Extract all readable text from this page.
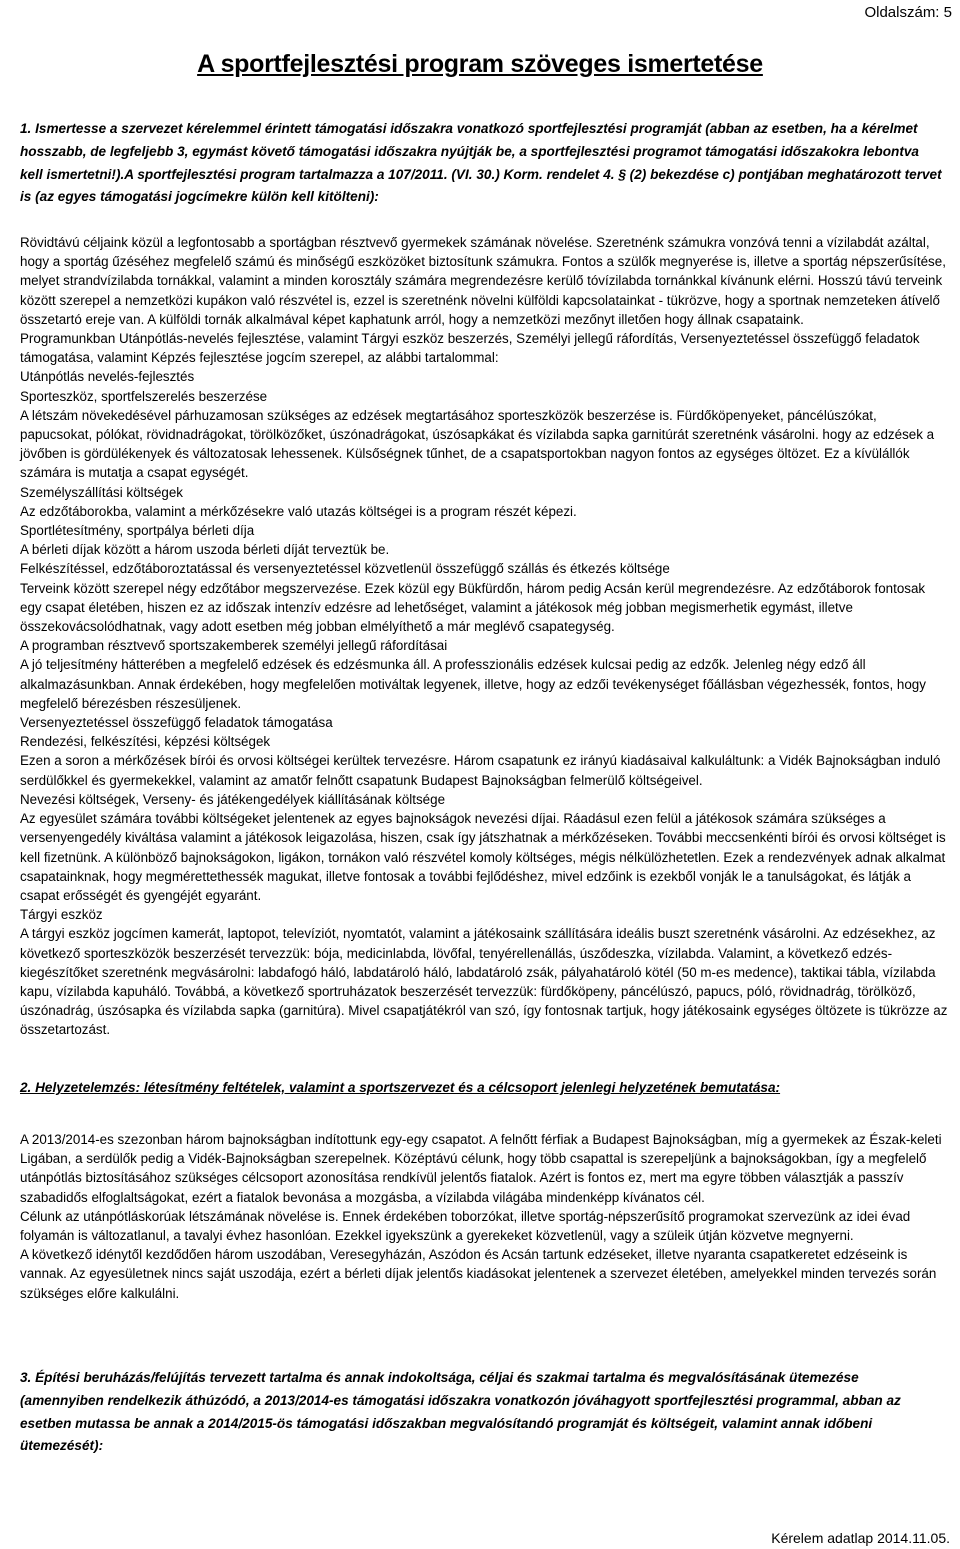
Oldalszám: 5
A sportfejlesztési program szöveges ismertetése

1. Ismertesse a szervezet kérelemmel érintett támogatási időszakra vonatkozó sportfejlesztési programját (abban az esetben, ha a kérelmet hosszabb, de legfeljebb 3, egymást követő támogatási időszakra nyújtják be, a sportfejlesztési programot támogatási időszakokra lebontva kell ismertetni!).A sportfejlesztési program tartalmazza a 107/2011. (VI. 30.) Korm. rendelet 4. § (2) bekezdése c) pontjában meghatározott tervet is (az egyes támogatási jogcímekre külön kell kitölteni):

Rövidtávú céljaink közül a legfontosabb a sportágban résztvevő gyermekek számának növelése. Szeretnénk számukra vonzóvá tenni a vízilabdát azáltal, hogy a sportág űzéséhez megfelelő számú és minőségű eszközöket biztosítunk számukra. Fontos a szülők megnyerése is, illetve a sportág népszerűsítése, melyet strandvízilabda tornákkal, valamint a minden korosztály számára megrendezésre kerülő tóvízilabda tornánkkal kívánunk elérni. Hosszú távú terveink között szerepel a nemzetközi kupákon való részvétel is, ezzel is szeretnénk növelni külföldi kapcsolatainkat - tükrözve, hogy a sportnak nemzeteken átívelő összetartó ereje van. A külföldi tornák alkalmával képet kaphatunk arról, hogy a nemzetközi mezőnyt illetően hogy állnak csapataink.

Programunkban Utánpótlás-nevelés fejlesztése, valamint Tárgyi eszköz beszerzés, Személyi jellegű ráfordítás, Versenyeztetéssel összefüggő feladatok támogatása, valamint Képzés fejlesztése jogcím szerepel, az alábbi tartalommal:

Utánpótlás nevelés-fejlesztés

Sporteszköz, sportfelszerelés beszerzése

A létszám növekedésével párhuzamosan szükséges az edzések megtartásához sporteszközök beszerzése is. Fürdőköpenyeket, páncélúszókat, papucsokat, pólókat, rövidnadrágokat, törölközőket, úszónadrágokat, úszósapkákat és vízilabda sapka garnitúrát szeretnénk vásárolni. hogy az edzések a jövőben is gördülékenyek és változatosak lehessenek. Külsőségnek tűnhet, de a csapatsportokban nagyon fontos az egységes öltözet. Ez a kívülállók számára is mutatja a csapat egységét.

Személyszállítási költségek

Az edzőtáborokba, valamint a mérkőzésekre való utazás költségei is a program részét képezi.

Sportlétesítmény, sportpálya bérleti díja

A bérleti díjak között a három uszoda bérleti díját terveztük be.

Felkészítéssel, edzőtáboroztatással és versenyeztetéssel közvetlenül összefüggő szállás és étkezés költsége

Terveink között szerepel négy edzőtábor megszervezése. Ezek közül egy Bükfürdőn, három pedig Acsán kerül megrendezésre. Az edzőtáborok fontosak egy csapat életében, hiszen ez az időszak intenzív edzésre ad lehetőséget, valamint a játékosok még jobban megismerhetik egymást, illetve összekovácsolódhatnak, vagy adott esetben még jobban elmélyíthető a már meglévő csapategység.

A programban résztvevő sportszakemberek személyi jellegű ráfordításai

A jó teljesítmény hátterében a megfelelő edzések és edzésmunka áll. A professzionális edzések kulcsai pedig az edzők. Jelenleg négy edző áll alkalmazásunkban. Annak érdekében, hogy megfelelően motiváltak legyenek, illetve, hogy az edzői tevékenységet főállásban végezhessék, fontos, hogy megfelelő bérezésben részesüljenek.

Versenyeztetéssel összefüggő feladatok támogatása

Rendezési, felkészítési, képzési költségek

Ezen a soron a mérkőzések bírói és orvosi költségei kerültek tervezésre. Három csapatunk ez irányú kiadásaival kalkuláltunk: a Vidék Bajnokságban induló serdülőkkel és gyermekekkel, valamint az amatőr felnőtt csapatunk Budapest Bajnokságban felmerülő költségeivel.

Nevezési költségek, Verseny- és játékengedélyek kiállításának költsége

Az egyesület számára további költségeket jelentenek az egyes bajnokságok nevezési díjai. Ráadásul ezen felül a játékosok számára szükséges a versenyengedély kiváltása valamint a játékosok leigazolása, hiszen, csak így játszhatnak a mérkőzéseken. További meccsenkénti bírói és orvosi költséget is kell fizetnünk. A különböző bajnokságokon, ligákon, tornákon való részvétel komoly költséges, mégis nélkülözhetetlen. Ezek a rendezvények adnak alkalmat csapatainknak, hogy megmérettethessék magukat, illetve fontosak a további fejlődéshez, mivel edzőink is ezekből vonják le a tanulságokat, és látják a csapat erősségét és gyengéjét egyaránt.

Tárgyi eszköz

A tárgyi eszköz jogcímen kamerát, laptopot, televíziót, nyomtatót, valamint a játékosaink szállítására ideális buszt szeretnénk vásárolni. Az edzésekhez, az következő sporteszközök beszerzését tervezzük: bója, medicinlabda, lövőfal, tenyérellenállás, úsződeszka, vízilabda. Valamint, a következő edzés-kiegészítőket szeretnénk megvásárolni: labdafogó háló, labdatároló háló, labdatároló zsák, pályahatároló kötél (50 m-es medence), taktikai tábla, vízilabda kapu, vízilabda kapuháló. Továbbá, a következő sportruházatok beszerzését tervezzük: fürdőköpeny, páncélúszó, papucs, póló, rövidnadrág, törölköző, úszónadrág, úszósapka és vízilabda sapka (garnitúra). Mivel csapatjátékról van szó, így fontosnak tartjuk, hogy játékosaink egységes öltözete is tükrözze az összetartozást.

2. Helyzetelemzés: létesítmény feltételek, valamint a sportszervezet és a célcsoport jelenlegi helyzetének bemutatása:

A 2013/2014-es szezonban három bajnokságban indítottunk egy-egy csapatot. A felnőtt férfiak a Budapest Bajnokságban, míg a gyermekek az Észak-keleti Ligában, a serdülők pedig a Vidék-Bajnokságban szerepelnek. Középtávú célunk, hogy több csapattal is szerepeljünk a bajnokságokban, így a megfelelő utánpótlás biztosításához szükséges célcsoport azonosítása rendkívül jelentős fiatalok. Azért is fontos ez, mert ma egyre többen választják a passzív szabadidős elfoglaltságokat, ezért a fiatalok bevonása a mozgásba, a vízilabda világába mindenképp kívánatos cél.

Célunk az utánpótláskorúak létszámának növelése is. Ennek érdekében toborzókat, illetve sportág-népszerűsítő programokat szervezünk az idei évad folyamán is változatlanul, a tavalyi évhez hasonlóan. Ezekkel igyekszünk a gyerekeket közvetlenül, vagy a szüleik útján közvetve megnyerni.

A következő idénytől kezdődően három uszodában, Veresegyházán, Aszódon és Acsán tartunk edzéseket, illetve nyaranta csapatkeretet edzéseink is vannak. Az egyesületnek nincs saját uszodája, ezért a bérleti díjak jelentős kiadásokat jelentenek a szervezet életében, amelyekkel minden tervezés során szükséges előre kalkulálni.

3. Építési beruházás/felújítás tervezett tartalma és annak indokoltsága, céljai és szakmai tartalma és megvalósításának ütemezése (amennyiben rendelkezik áthúzódó, a 2013/2014-es támogatási időszakra vonatkozón jóváhagyott sportfejlesztési programmal, abban az esetben mutassa be annak a 2014/2015-ös támogatási időszakban megvalósítandó programját és költségeit, valamint annak időbeni ütemezését):

Kérelem adatlap 2014.11.05.
